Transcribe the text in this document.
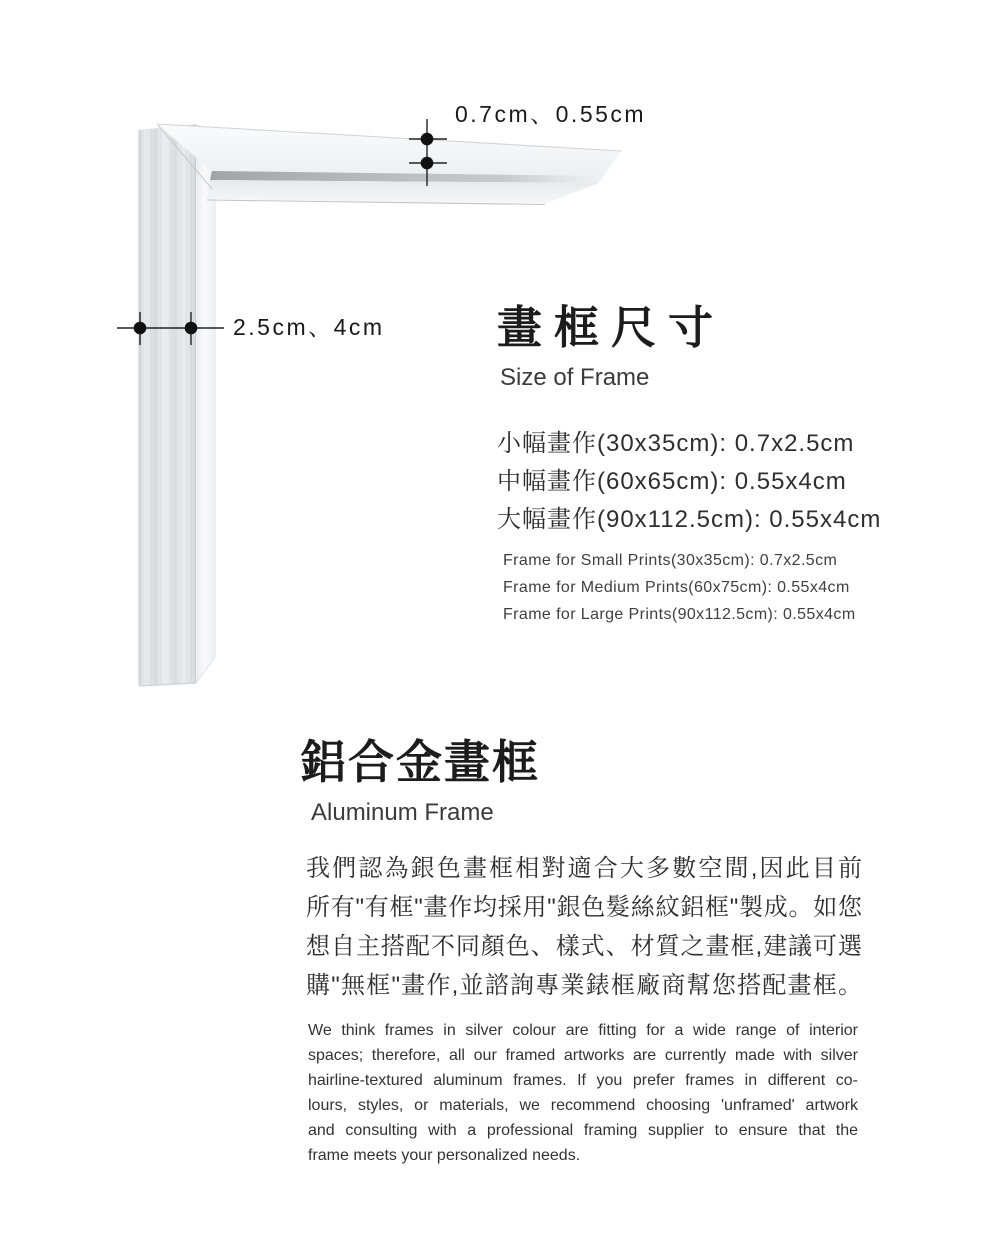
0.7cm、0.55cm
2.5cm、4cm 畫框尺寸
Size of Frame
小幅畫作(30x35cm): 0.7x2.5cm
中幅畫作(60x65cm): 0.55x4cm
大幅畫作(90x112.5cm): 0.55x4cm
Frame for Small Prints(30x35cm): 0.7x2.5cm
Frame for Medium Prints(60x75cm): 0.55x4cm
Frame for Large Prints(90x112.5cm): 0.55x4cm
鋁合金畫框
Aluminum Frame
我們認為銀色畫框相對適合大多數空間,因此目前
所有"有框"畫作均採用"銀色髮絲紋鋁框"製成。如您
想自主搭配不同顏色、樣式、材質之畫框,建議可選
購"無框"畫作,並諮詢專業錶框廠商幫您搭配畫框。
We think frames in silver colour are fitting for a wide range of interior
spaces; therefore, all our framed artworks are currently made with silver
hairline-textured aluminum frames. If you prefer frames in different co-
lours, styles, or materials, we recommend choosing 'unframed' artwork
and consulting with a professional framing supplier to ensure that the
frame meets your personalized needs.
